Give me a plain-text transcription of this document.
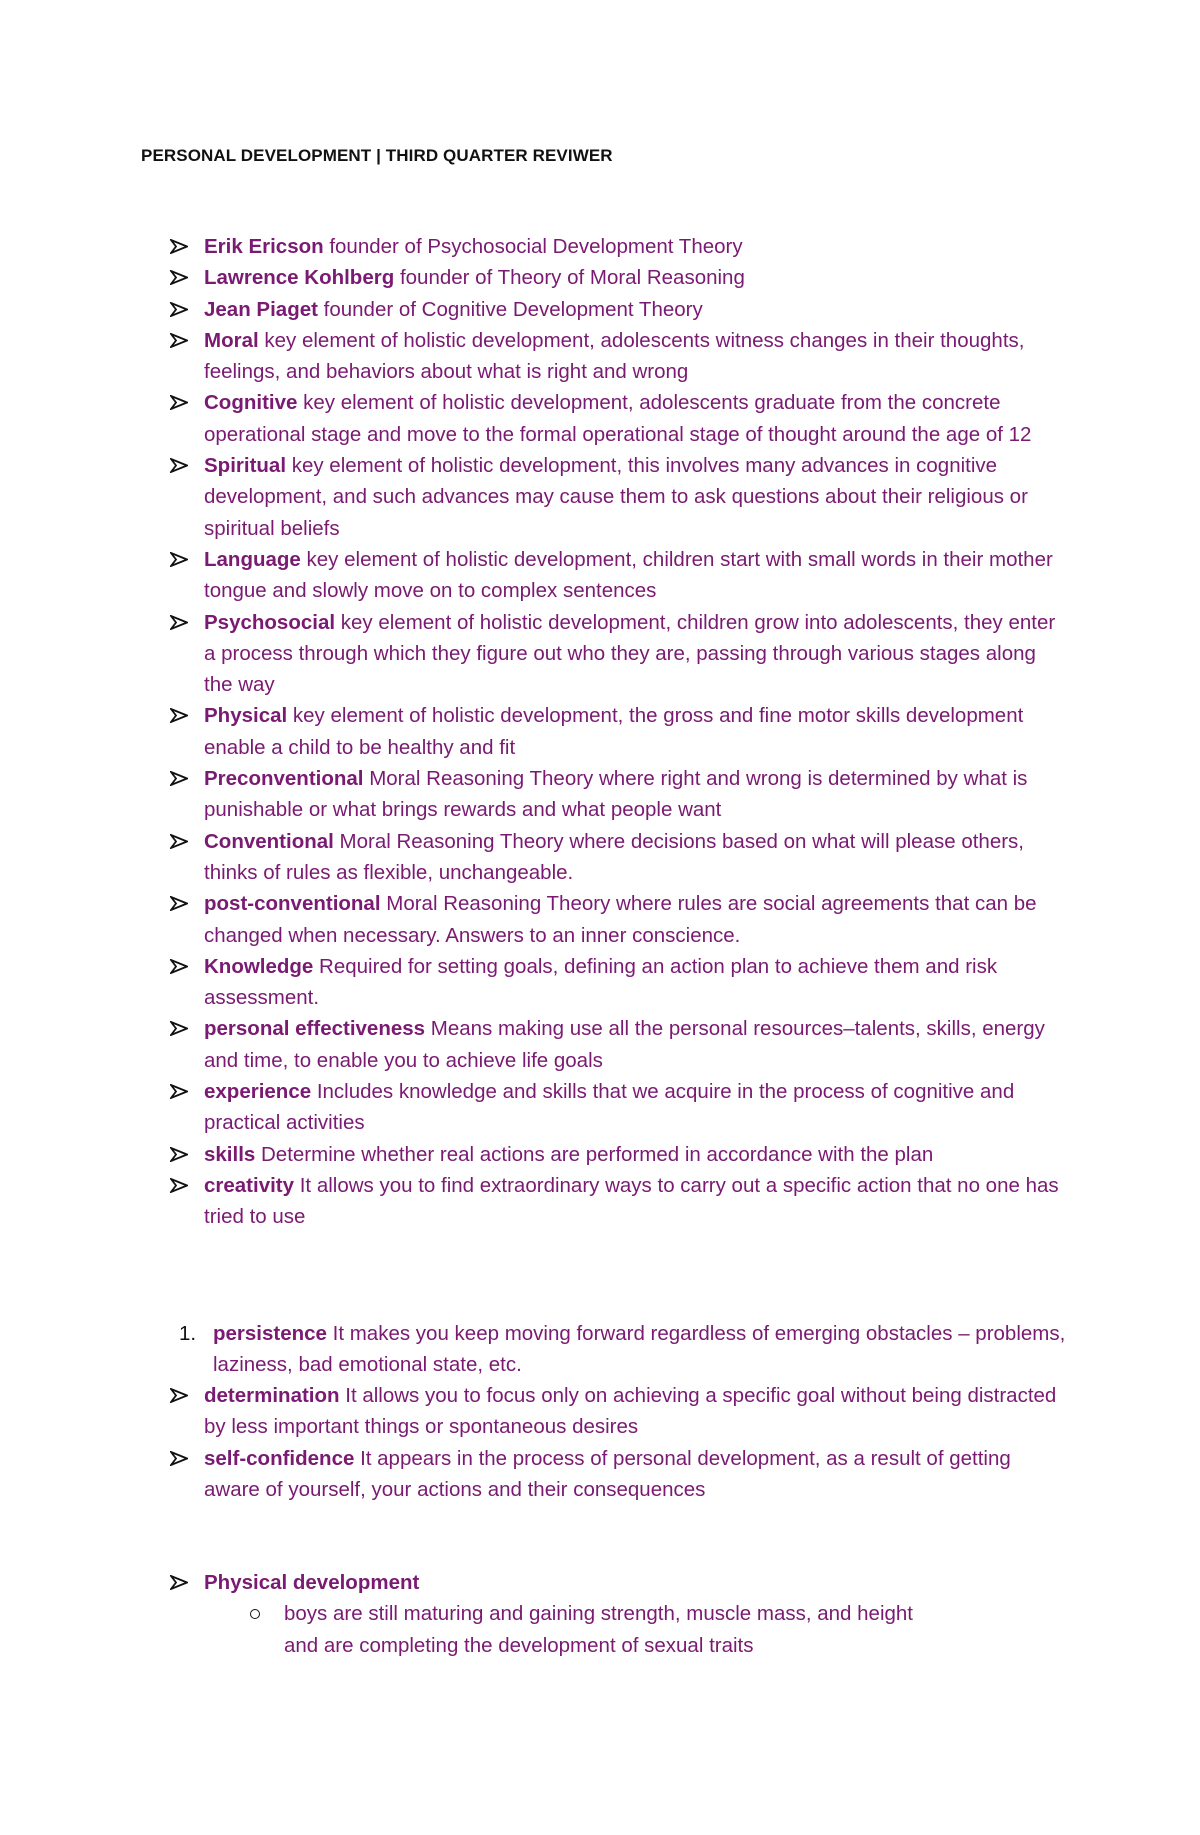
PERSONAL DEVELOPMENT | THIRD QUARTER REVIWER
Erik Ericson founder of Psychosocial Development Theory
Lawrence Kohlberg founder of Theory of Moral Reasoning
Jean Piaget founder of Cognitive Development Theory
Moral key element of holistic development, adolescents witness changes in their thoughts, feelings, and behaviors about what is right and wrong
Cognitive key element of holistic development, adolescents graduate from the concrete operational stage and move to the formal operational stage of thought around the age of 12
Spiritual key element of holistic development, this involves many advances in cognitive development, and such advances may cause them to ask questions about their religious or spiritual beliefs
Language key element of holistic development, children start with small words in their mother tongue and slowly move on to complex sentences
Psychosocial key element of holistic development, children grow into adolescents, they enter a process through which they figure out who they are, passing through various stages along the way
Physical key element of holistic development, the gross and fine motor skills development enable a child to be healthy and fit
Preconventional Moral Reasoning Theory where right and wrong is determined by what is punishable or what brings rewards and what people want
Conventional Moral Reasoning Theory where decisions based on what will please others, thinks of rules as flexible, unchangeable.
post-conventional Moral Reasoning Theory where rules are social agreements that can be changed when necessary. Answers to an inner conscience.
Knowledge Required for setting goals, defining an action plan to achieve them and risk assessment.
personal effectiveness Means making use all the personal resources–talents, skills, energy and time, to enable you to achieve life goals
experience Includes knowledge and skills that we acquire in the process of cognitive and practical activities
skills Determine whether real actions are performed in accordance with the plan
creativity It allows you to find extraordinary ways to carry out a specific action that no one has tried to use
1. persistence It makes you keep moving forward regardless of emerging obstacles – problems, laziness, bad emotional state, etc.
determination It allows you to focus only on achieving a specific goal without being distracted by less important things or spontaneous desires
self-confidence It appears in the process of personal development, as a result of getting aware of yourself, your actions and their consequences
Physical development
boys are still maturing and gaining strength, muscle mass, and height and are completing the development of sexual traits
